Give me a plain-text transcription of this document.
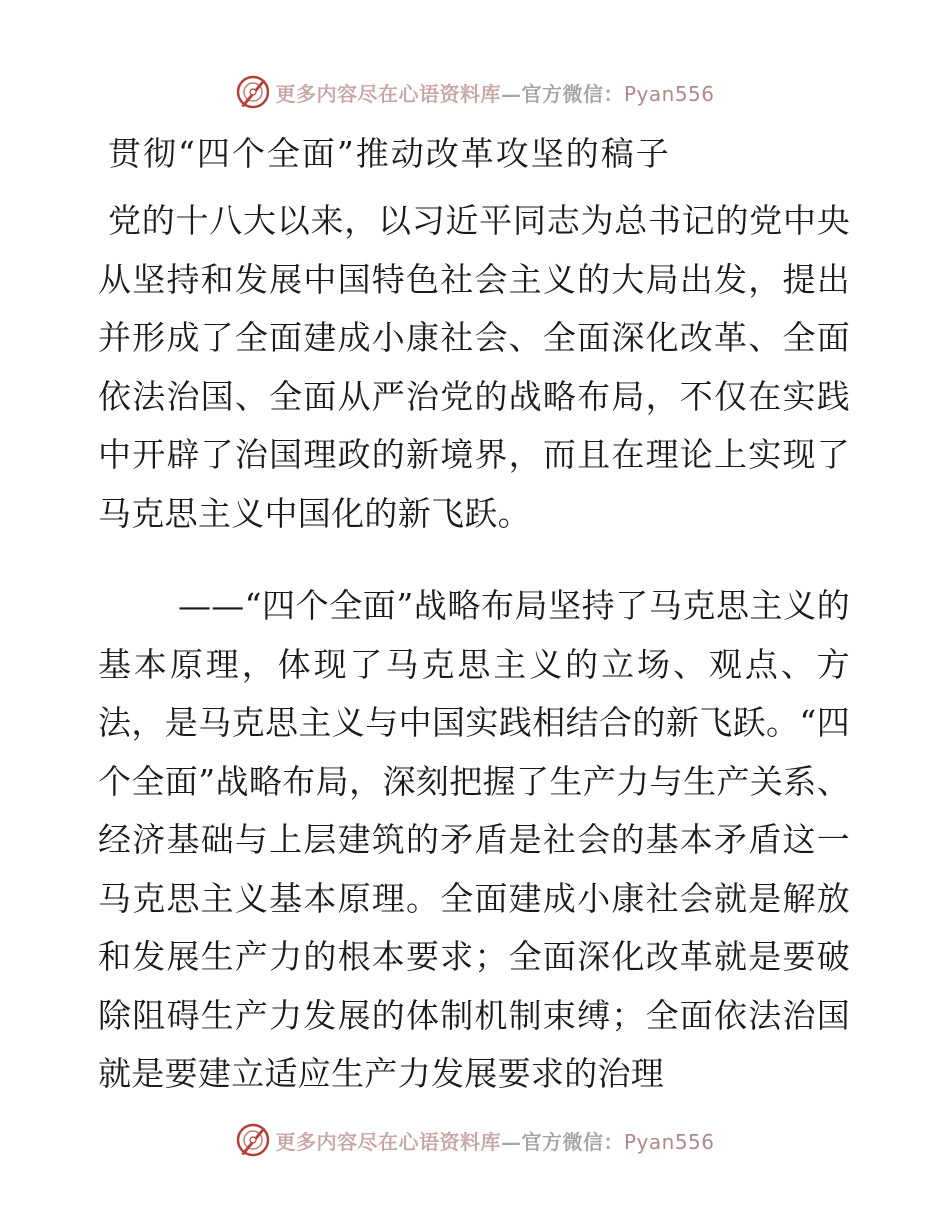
更多内容尽在心语资料库—官方微信：Pyan556
贯彻“四个全面”推动改革攻坚的稿子

党的十八大以来，以习近平同志为总书记的党中央从坚持和发展中国特色社会主义的大局出发，提出并形成了全面建成小康社会、全面深化改革、全面依法治国、全面从严治党的战略布局，不仅在实践中开辟了治国理政的新境界，而且在理论上实现了马克思主义中国化的新飞跃。

——“四个全面”战略布局坚持了马克思主义的基本原理，体现了马克思主义的立场、观点、方法，是马克思主义与中国实践相结合的新飞跃。“四个全面”战略布局，深刻把握了生产力与生产关系、经济基础与上层建筑的矛盾是社会的基本矛盾这一马克思主义基本原理。全面建成小康社会就是解放和发展生产力的根本要求；全面深化改革就是要破除阻碍生产力发展的体制机制束缚；全面依法治国就是要建立适应生产力发展要求的治理

更多内容尽在心语资料库—官方微信：Pyan556
